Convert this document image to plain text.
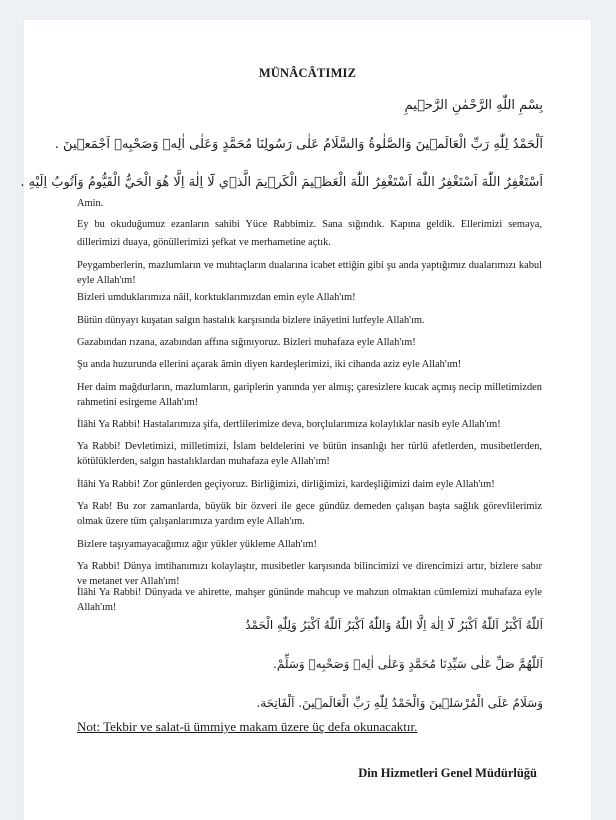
MÜNÂCÂTIMIZ
بِسْمِ اللّٰهِ الرَّحْمٰنِ الرَّح۪يمِ
اَلْحَمْدُ لِلّٰهِ رَبِّ الْعَالَم۪ينَ وَالصَّلٰوةُ وَالسَّلَامُ عَلٰى رَسُولِنَا مُحَمَّدٍ وَعَلٰى اٰلِه۪ وَصَحْبِه۪ اَجْمَع۪ينَ .
اَسْتَغْفِرُ اللّٰهَ اَسْتَغْفِرُ اللّٰهَ اَسْتَغْفِرُ اللّٰهَ الْعَظ۪يمَ الْكَر۪يمَ الَّذ۪ي لَٓا اِلٰهَ اِلَّا هُوَ الْحَيُّ الْقَيُّومُ وَاَتُوبُ اِلَيْهِ .
Amin.
Ey bu okuduğumuz ezanların sahibi Yüce Rabbimiz. Sana sığındık. Kapına geldik. Ellerimizi semaya, dillerimizi duaya, gönüllerimizi şefkat ve merhametine açtık.
Peygamberlerin, mazlumların ve muhtaçların dualarına icabet ettiğin gibi şu anda yaptığımız dualarımızı kabul eyle Allah'ım!
Bizleri umduklarımıza nâil, korktuklarımızdan emin eyle Allah'ım!
Bütün dünyayı kuşatan salgın hastalık karşısında bizlere inâyetini lutfeyle Allah'ım.
Gazabından rızana, azabından affına sığınıyoruz. Bizleri muhafaza eyle Allah'ım!
Şu anda huzurunda ellerini açarak âmin diyen kardeşlerimizi, iki cihanda aziz eyle Allah'ım!
Her daim mağdurların, mazlumların, gariplerin yanında yer almış; çaresizlere kucak açmış necip milletimizden rahmetini esirgeme Allah'ım!
İlâhi Ya Rabbi! Hastalarımıza şifa, dertlilerimize deva, borçlularımıza kolaylıklar nasib eyle Allah'ım!
Ya Rabbi! Devletimizi, milletimizi, İslam beldelerini ve bütün insanlığı her türlü afetlerden, musibetlerden, kötülüklerden, salgın hastalıklardan muhafaza eyle Allah'ım!
İlâhi Ya Rabbi! Zor günlerden geçiyoruz. Birliğimizi, dirliğimizi, kardeşliğimizi daim eyle Allah'ım!
Ya Rab! Bu zor zamanlarda, büyük bir özveri ile gece gündüz demeden çalışan başta sağlık görevlilerimiz olmak üzere tüm çalışanlarımıza yardım eyle Allah'ım.
Bizlere taşıyamayacağımız ağır yükler yükleme Allah'ım!
Ya Rabbi! Dünya imtihanımızı kolaylaştır, musibetler karşısında bilincimizi ve direncimizi artır, bizlere sabır ve metanet ver Allah'ım!
İlâhi Ya Rabbi! Dünyada ve ahirette, mahşer gününde mahcup ve mahzun olmaktan cümlemizi muhafaza eyle Allah'ım!
اَللّٰهُ اَكْبَرُ اَللّٰهُ اَكْبَرُ لَٓا اِلٰهَ اِلَّا اللّٰهُ وَاللّٰهُ اَكْبَرُ اَللّٰهُ اَكْبَرُ وَلِلّٰهِ الْحَمْدُ
اَللّٰهُمَّ صَلِّ عَلٰى سَيِّدِنَا مُحَمَّدٍ وَعَلٰى اٰلِه۪ وَصَحْبِه۪ وَسَلِّمْ.
وَسَلَامٌ عَلَى الْمُرْسَل۪ينَ وَالْحَمْدُ لِلّٰهِ رَبِّ الْعَالَم۪ينَ. اَلْفَاتِحَة.
Not: Tekbir ve salat-ü ümmiye makam üzere üç defa okunacaktır.
Din Hizmetleri Genel Müdürlüğü
